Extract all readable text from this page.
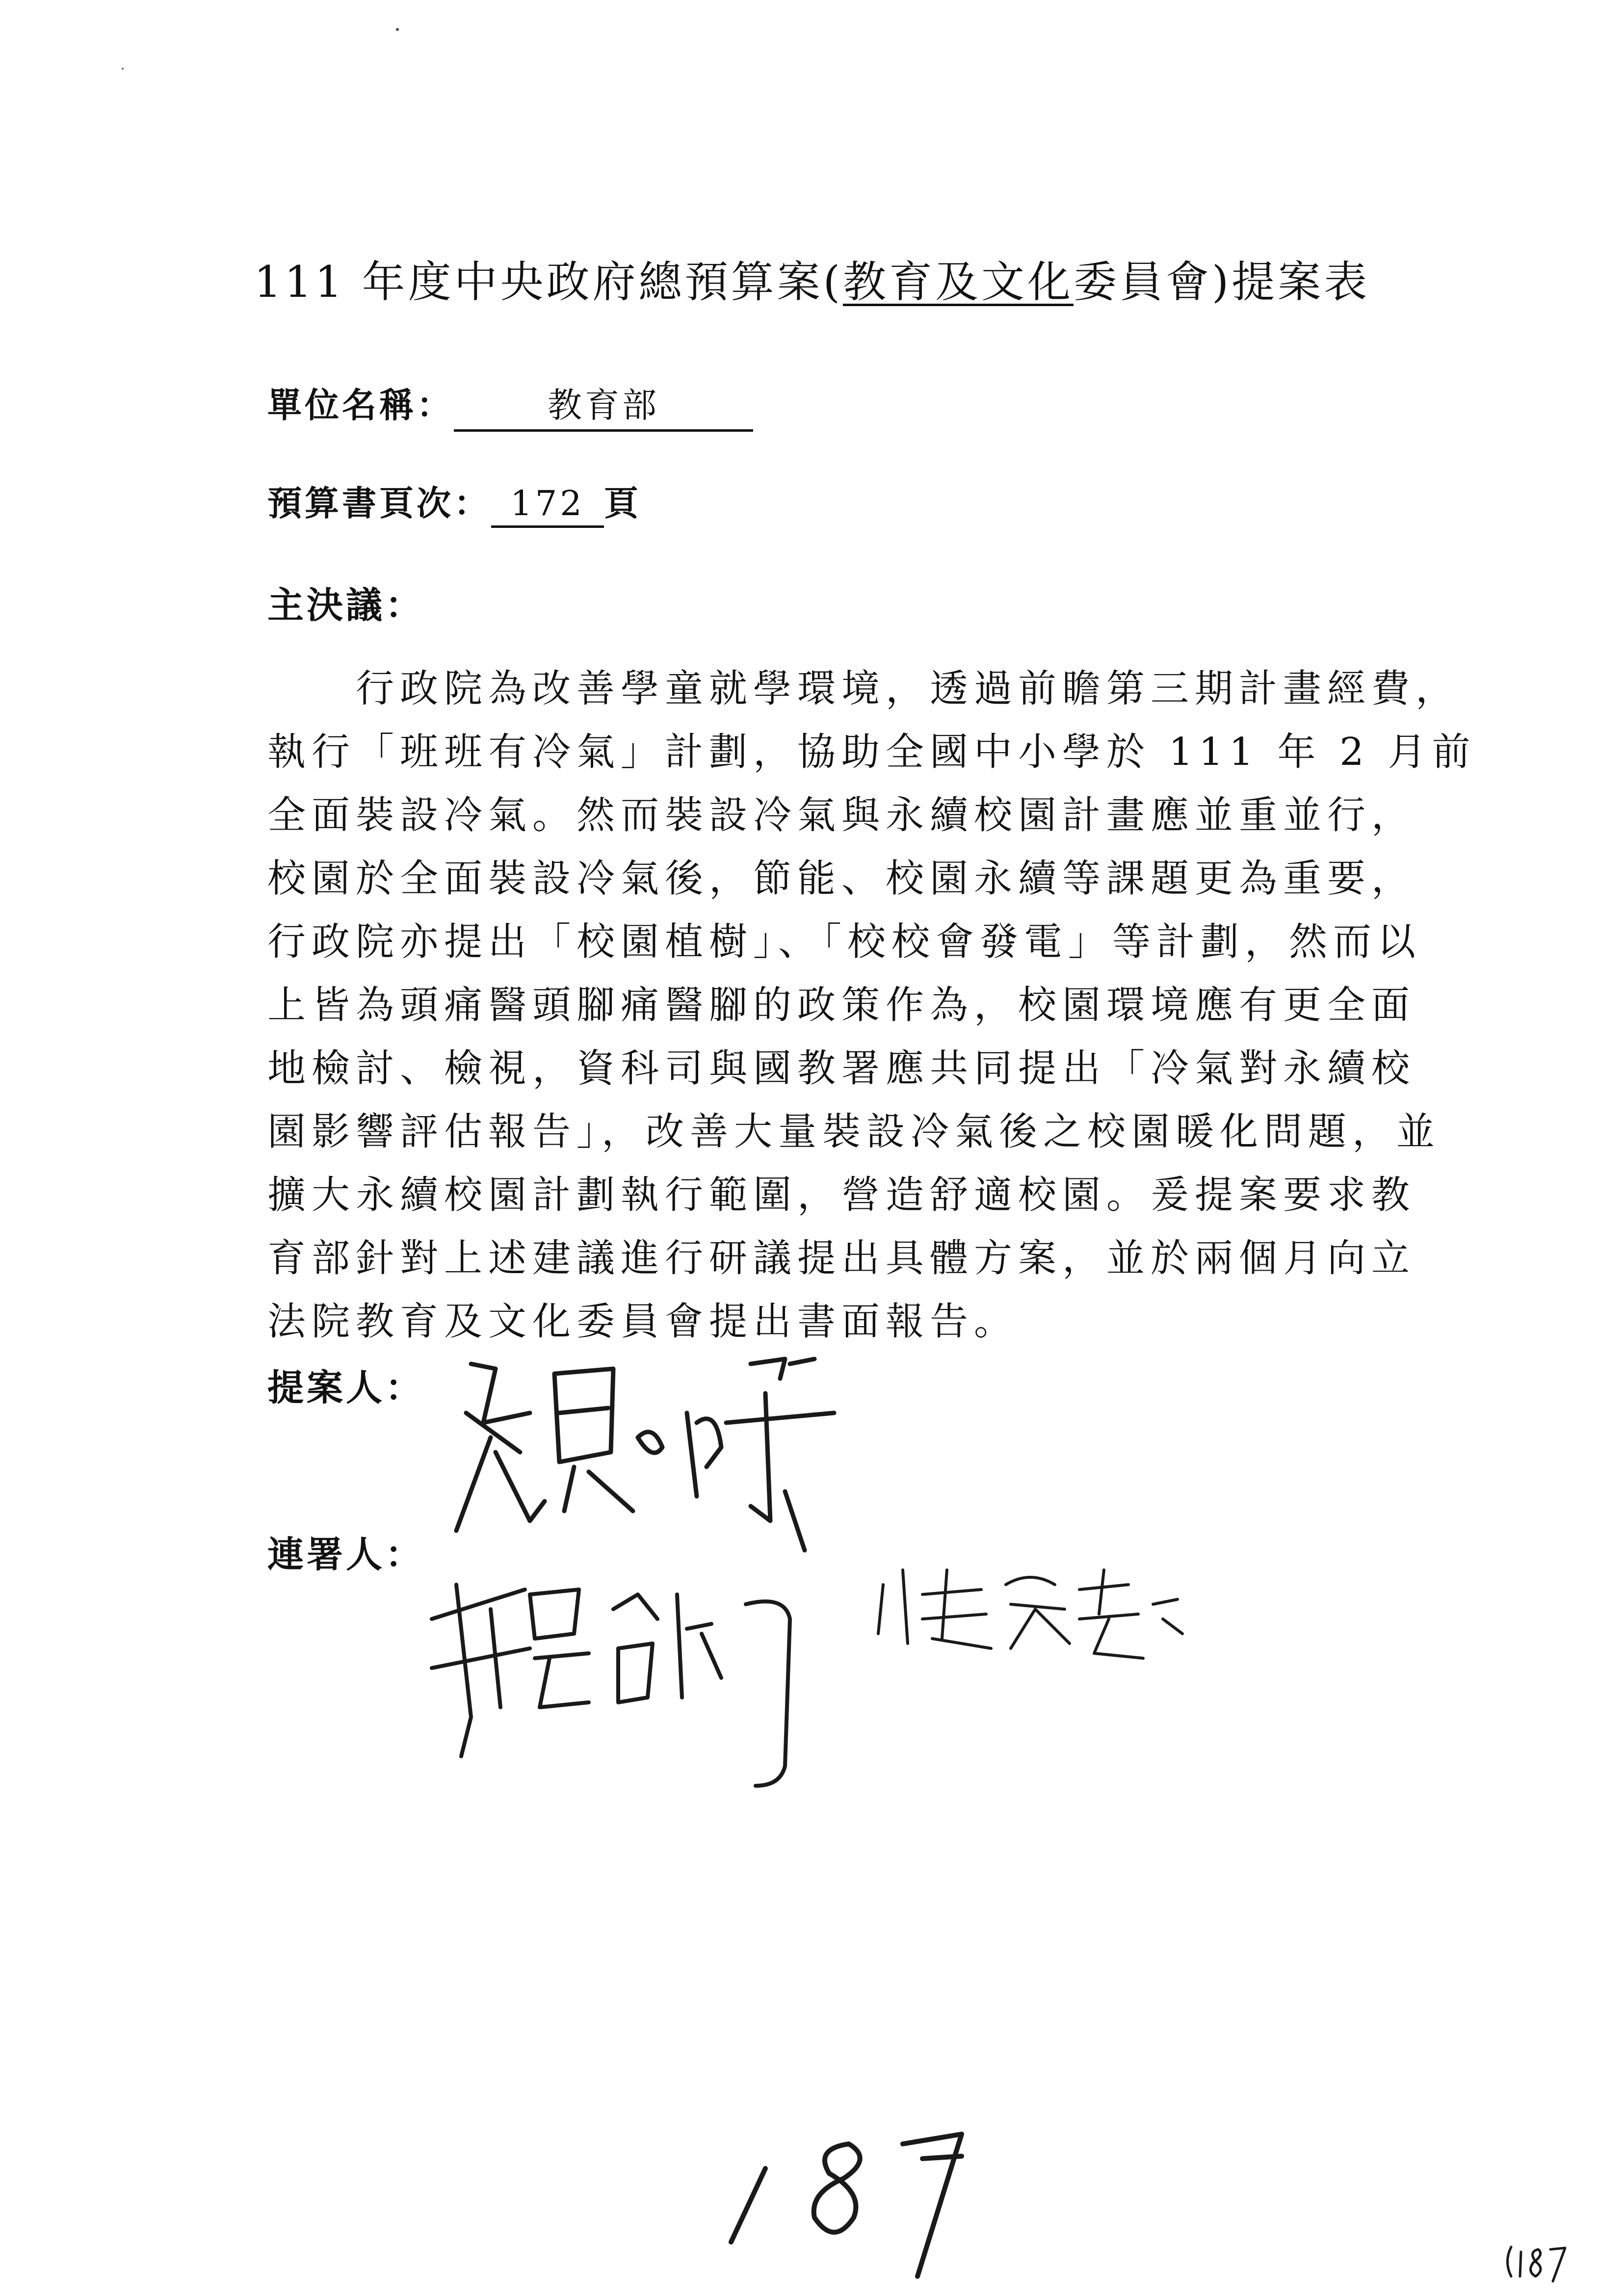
111 年度中央政府總預算案(教育及文化委員會)提案表
單位名稱：	教育部
預算書頁次： 172 頁
主決議：
　　行政院為改善學童就學環境，透過前瞻第三期計畫經費，
執行「班班有冷氣」計劃，協助全國中小學於 111 年 2 月前
全面裝設冷氣。然而裝設冷氣與永續校園計畫應並重並行，
校園於全面裝設冷氣後，節能、校園永續等課題更為重要，
行政院亦提出「校園植樹」、「校校會發電」等計劃，然而以
上皆為頭痛醫頭腳痛醫腳的政策作為，校園環境應有更全面
地檢討、檢視，資科司與國教署應共同提出「冷氣對永續校
園影響評估報告」，改善大量裝設冷氣後之校園暖化問題，並
擴大永續校園計劃執行範圍，營造舒適校園。爰提案要求教
育部針對上述建議進行研議提出具體方案，並於兩個月向立
法院教育及文化委員會提出書面報告。
提案人：
連署人：
